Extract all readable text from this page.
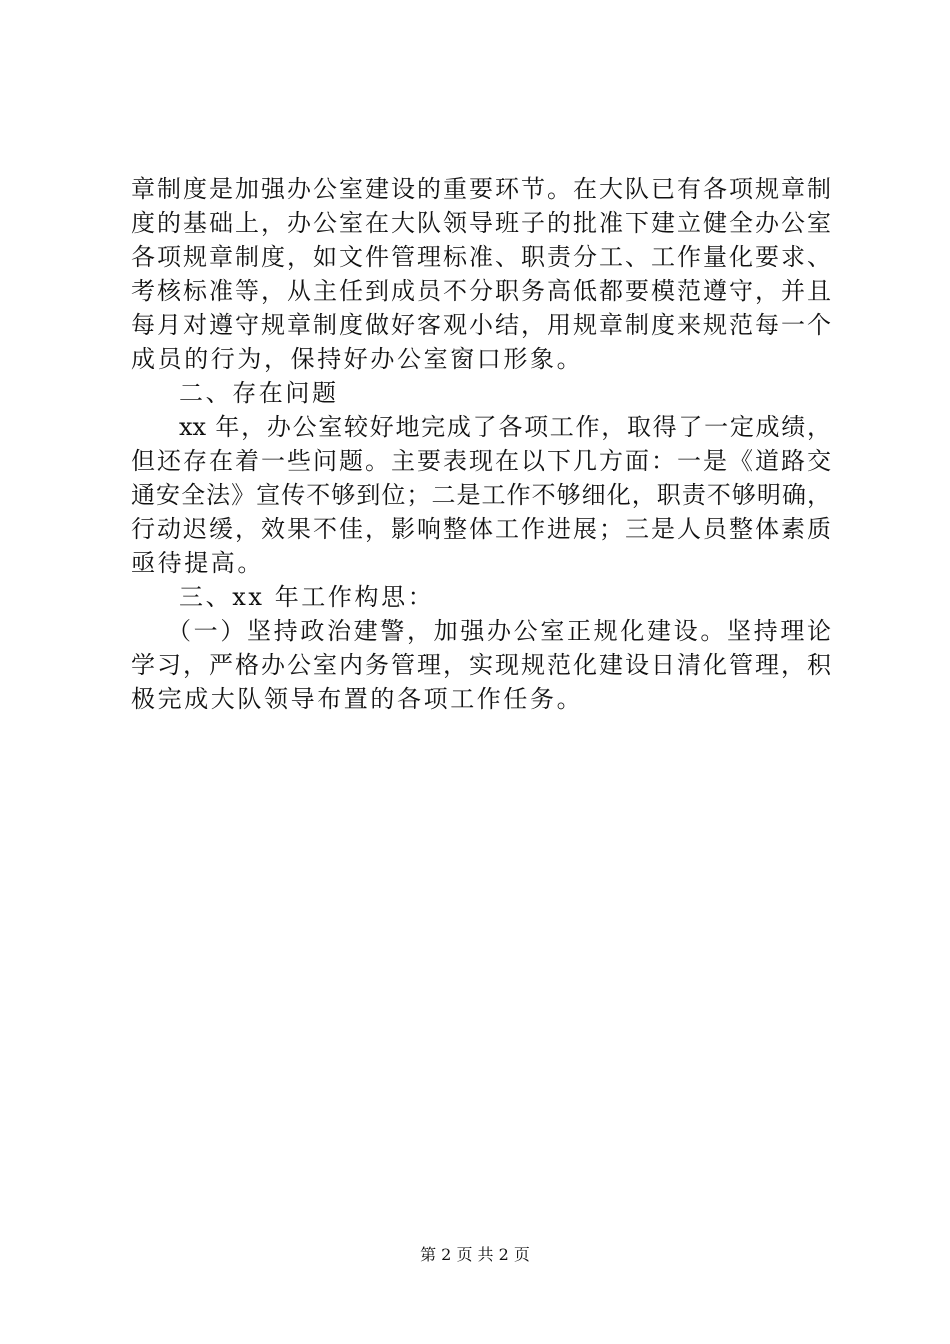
章制度是加强办公室建设的重要环节。在大队已有各项规章制
度的基础上，办公室在大队领导班子的批准下建立健全办公室
各项规章制度，如文件管理标准、职责分工、工作量化要求、
考核标准等，从主任到成员不分职务高低都要模范遵守，并且
每月对遵守规章制度做好客观小结，用规章制度来规范每一个
成员的行为，保持好办公室窗口形象。
二、存在问题
xx 年，办公室较好地完成了各项工作，取得了一定成绩，
但还存在着一些问题。主要表现在以下几方面：一是《道路交
通安全法》宣传不够到位；二是工作不够细化，职责不够明确，
行动迟缓，效果不佳，影响整体工作进展；三是人员整体素质
亟待提高。
三、xx 年工作构思：
（一）坚持政治建警，加强办公室正规化建设。坚持理论
学习，严格办公室内务管理，实现规范化建设日清化管理，积
极完成大队领导布置的各项工作任务。
第 2 页 共 2 页
